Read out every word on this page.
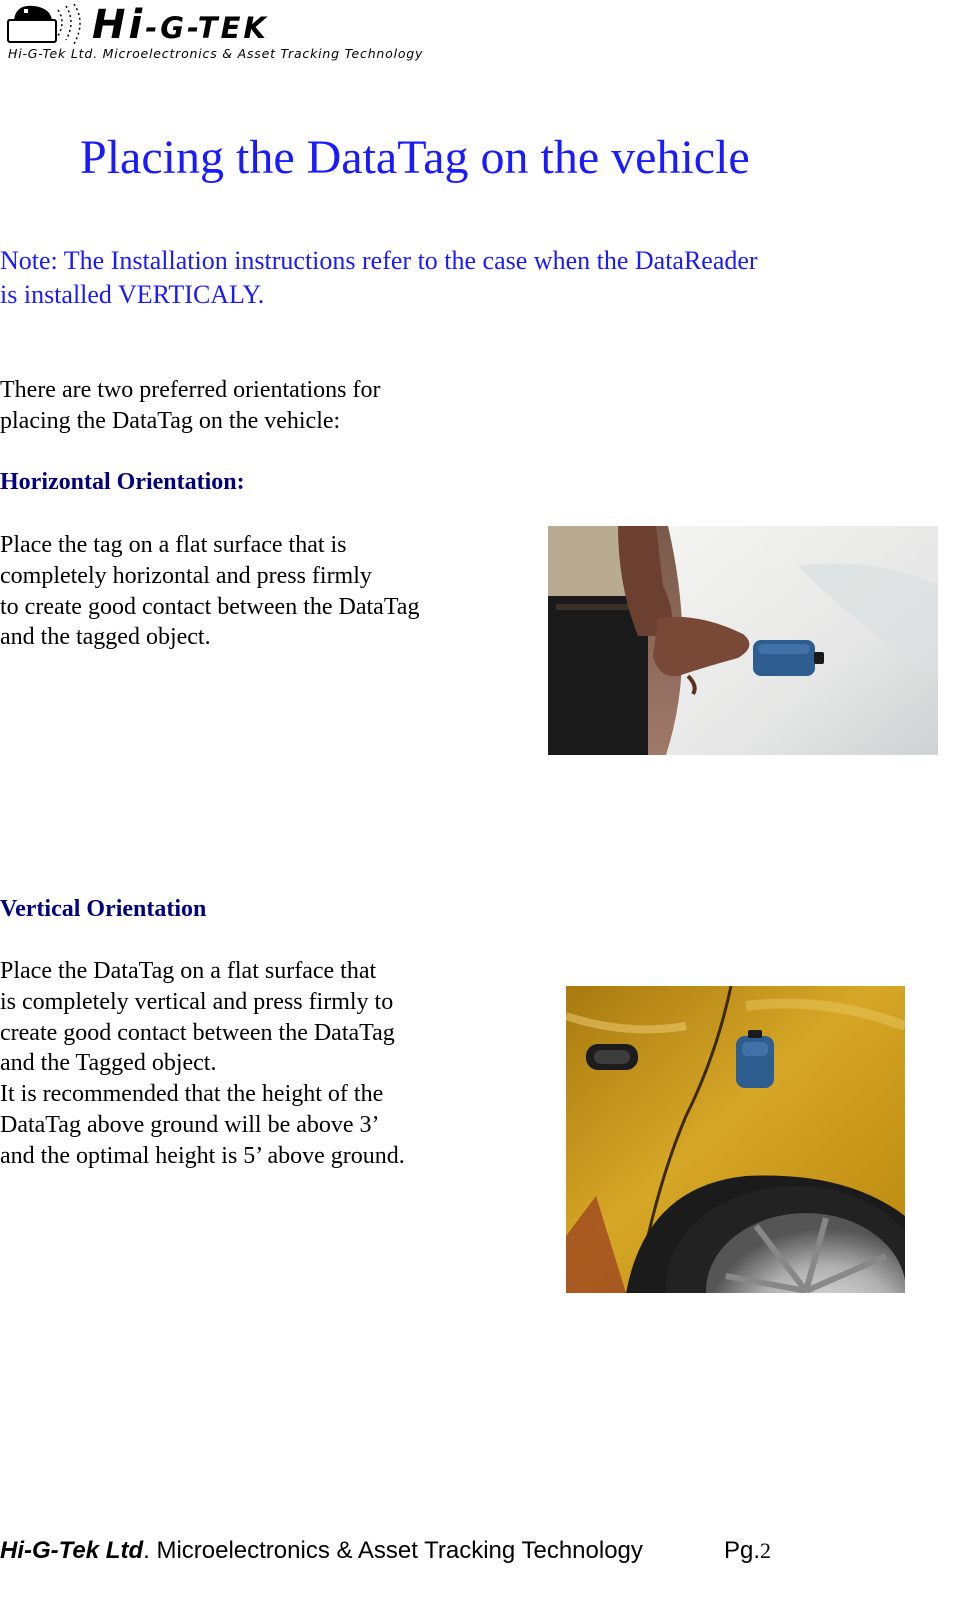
Hi-G-TEK
Hi-G-Tek Ltd. Microelectronics & Asset Tracking Technology
Placing the DataTag on the vehicle
Note: The Installation instructions refer to the case when the DataReader
is installed VERTICALY.
There are two preferred orientations for
placing the DataTag on the vehicle:
Horizontal Orientation:
Place the tag on a flat surface that is
completely horizontal and press firmly
to create good contact between the DataTag
and the tagged object.
Vertical Orientation
Place the DataTag on a flat surface that
is completely vertical and press firmly to
create good contact between the DataTag
and the Tagged object.
It is recommended that the height of the
DataTag above ground will be above 3’
and the optimal height is 5’ above ground.
Hi-G-Tek Ltd. Microelectronics & Asset Tracking Technology	Pg.2
